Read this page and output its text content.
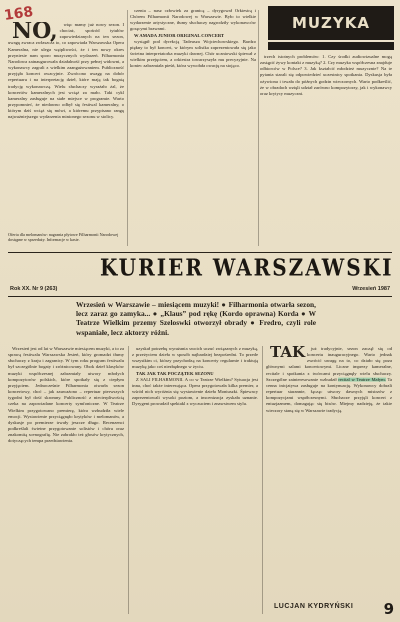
168	MUZYKA

NO, więc mamy już nowy sezon. I chociaż, spośród tytułów zapowiedzianych na ten sezon, uwagę zwraca zwłaszcza to, co zapowiada Warszawska Opera Kameralna, nie ulega wątpliwości, że i ten nowy okres przyniesie nam sporo muzycznych wydarzeń. Filharmonia Narodowa zainaugurowała działalność przy pełnej widowni, a wykonawcy zagrali z wielkim zaangażowaniem. Publiczność przyjęła koncert owacyjnie. Zwrócono uwagę na dobór repertuaru i na interpretację dzieł, które mają tak bogatą tradycję wykonawczą. Wielu słuchaczy wyrażało żal, że koncertów kameralnych jest wciąż za mało. Taki cykl kameralny zasługuje na stałe miejsce w programie. Warto przypomnieć, że niedawno odbył się festiwal kameralny, o którym dziś wciąż się mówi, a któremu przypisano rangę najważniejszego wydarzenia minionego sezonu w stolicy.

czenia – nasz człowiek za granicą – dyrygował Orkiestrą i Chórem Filharmonii Narodowej w Warszawie. Było to wielkie wydarzenie artystyczne, tłumy słuchaczy nagrodziły wykonawców gorącymi brawami.

W AMADA JUNIOR ORIGINAL CONCERT

wystąpił pod dyrekcją Tadeusza Wojciechowskiego. Bardzo piękny to był koncert, w którym solistka zaprezentowała się jako świetna interpretatorka muzyki dawnej. Chór uczniowski śpiewał z wielkim przejęciem, a orkiestra towarzyszyła mu precyzyjnie. Na koniec zabrzmiała pieśń, która wywołała owację na stojąco.

trzech istotnych problemów: 1. Czy środki audiowizualne mogą zastąpić żywy kontakt z muzyką? 2. Czy muzyka współczesna znajduje odbiorców w Polsce? 3. Jak kształcić młodzież muzycznie? Na te pytania starali się odpowiedzieć uczestnicy spotkania. Dyskusja była ożywiona i trwała do późnych godzin wieczornych. Warto podkreślić, że w obradach wzięli udział zarówno kompozytorzy, jak i wykonawcy oraz krytycy muzyczni.

Oferta dla melomanów: nagrania płytowe Filharmonii Narodowej dostępne w sprzedaży. Informacje w kasie.
KURIER WARSZAWSKI
Rok XX. Nr 9 (263)	Wrzesień 1987
Wrzesień w Warszawie – miesiącem muzyki! ● Filharmonia otwarła sezon, lecz zaraz go zamyka... ● „Klaus” pod rękę (Kordo oprawna) Korda ● W Teatrze Wielkim przemy Szeloswki otworzył obrady ● Fredro, czyli role wspaniałe, lecz aktorzy różni.

Wrzesień jest od lat w Warszawie miesiącem muzyki, a to za sprawą festiwalu Warszawska Jesień, który gromadzi tłumy słuchaczy z kraju i zagranicy. W tym roku program festiwalu był szczególnie bogaty i zróżnicowany. Obok dzieł klasyków muzyki współczesnej zabrzmiały utwory młodych kompozytorów polskich, które spotkały się z ciepłym przyjęciem. Jednocześnie Filharmonia otwarła sezon koncertowy, choć – jak zauważono – repertuar pierwszych tygodni był dość skromny. Publiczność z niecierpliwością czeka na zapowiadane koncerty symfoniczne. W Teatrze Wielkim przygotowano premierę, która wzbudziła wiele emocji. Wystawienie przyciągnęło krytyków i melomanów, a dyskusje po premierze trwały jeszcze długo. Recenzenci podkreślali świetne przygotowanie solistów i chóru oraz znakomitą scenografię. Nie zabrakło też głosów krytycznych, dotyczących tempa przedstawienia.

uzyskał potrzebę wyrażania swoich uczuć związanych z muzyką, z przeżyciem dzieła w sposób najbardziej bezpośredni. To przede wszystkim ci, którzy przychodzą na koncerty regularnie i traktują muzykę jako coś niezbędnego w życiu.

TAK JAK TAK POCZĄTEK SEZONU

Z SALI FILHARMONII. A co w Teatrze Wielkim? Sytuacja jest inna, choć także interesująca. Opera przygotowała kilka premier, a wśród nich wyróżnia się wystawienie dzieła Moniuszki. Śpiewacy zaprezentowali wysoki poziom, a inscenizacja zyskała uznanie. Dyrygent prowadził spektakl z wyczuciem i znawstwem stylu.

TAK już tradycyjnie, sezon zaczął się od koncertu inauguracyjnego. Warto jednak zwrócić uwagę na to, co działo się poza głównymi salami koncertowymi. Liczne imprezy kameralne, recitale i spotkania z twórcami przyciągnęły wielu słuchaczy. Szczególne zainteresowanie wzbudził recital w Teatrze Małym. Ta cenna inicjatywa zasługuje na kontynuację. Wykonawcy dobrali repertuar starannie, łącząc utwory dawnych mistrzów z kompozycjami współczesnymi. Słuchacze przyjęli koncert z entuzjazmem, domagając się bisów. Miejmy nadzieję, że takie wieczory staną się w Warszawie tradycją.

LUCJAN KYDRYŃSKI	9
